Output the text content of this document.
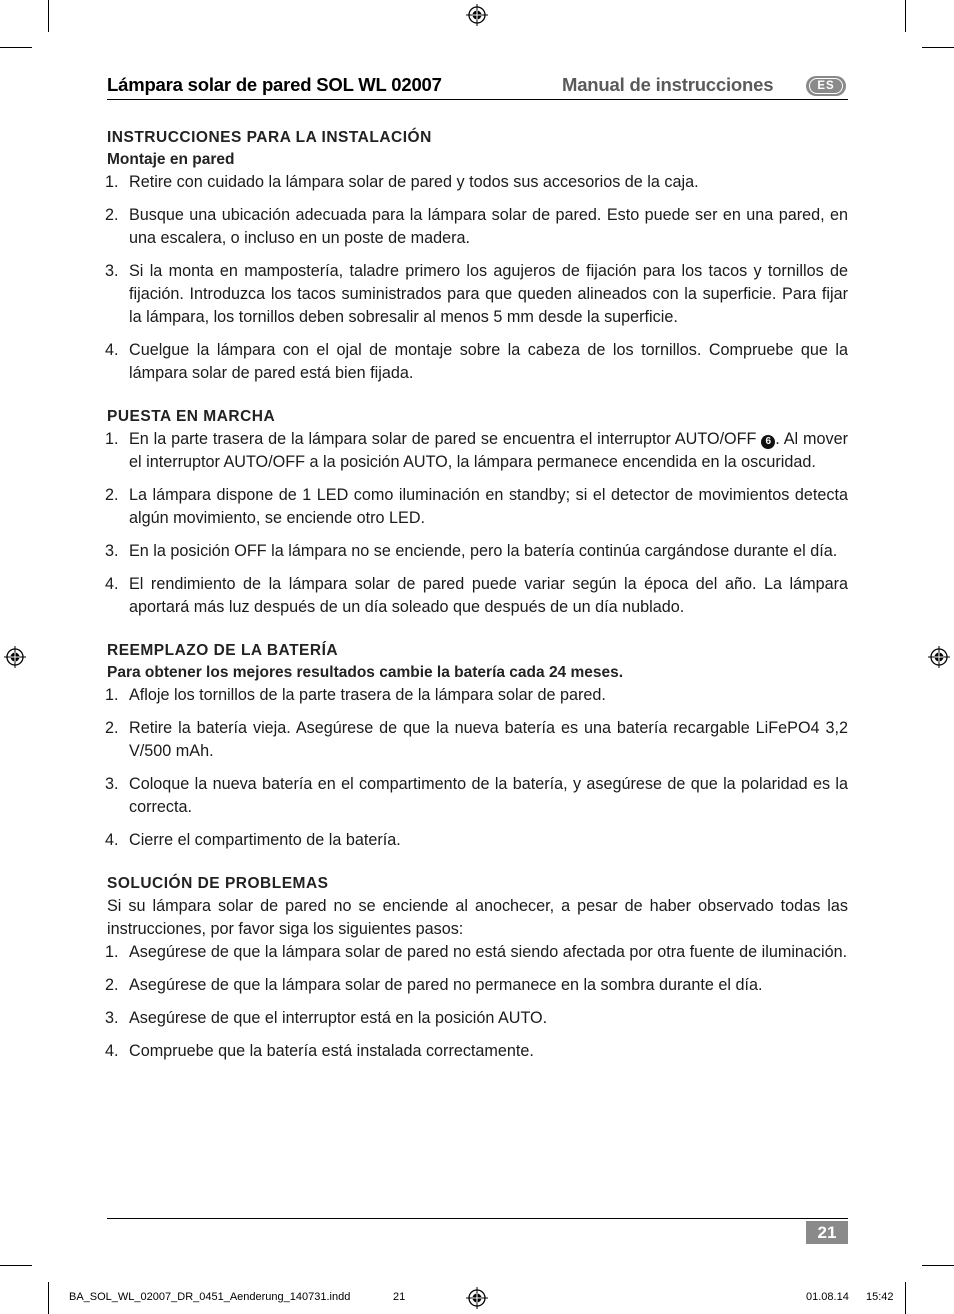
Lámpara solar de pared SOL WL 02007	Manual de instrucciones	ES

INSTRUCCIONES PARA LA INSTALACIÓN

Montaje en pared

1. Retire con cuidado la lámpara solar de pared y todos sus accesorios de la caja.
2. Busque una ubicación adecuada para la lámpara solar de pared. Esto puede ser en una pared, en una escalera, o incluso en un poste de madera.
3. Si la monta en mampostería, taladre primero los agujeros de fijación para los tacos y tornillos de fijación. Introduzca los tacos suministrados para que queden alineados con la superficie. Para fijar la lámpara, los tornillos deben sobresalir al menos 5 mm desde la superficie.
4. Cuelgue la lámpara con el ojal de montaje sobre la cabeza de los tornillos. Compruebe que la lámpara solar de pared está bien fijada.

PUESTA EN MARCHA

1. En la parte trasera de la lámpara solar de pared se encuentra el interruptor AUTO/OFF 6 . Al mover el interruptor AUTO/OFF a la posición AUTO, la lámpara permanece encendida en la oscuridad.
2. La lámpara dispone de 1 LED como iluminación en standby; si el detector de movimientos detecta algún movimiento, se enciende otro LED.
3. En la posición OFF la lámpara no se enciende, pero la batería continúa cargándose durante el día.
4. El rendimiento de la lámpara solar de pared puede variar según la época del año. La lámpara aportará más luz después de un día soleado que después de un día nublado.

REEMPLAZO DE LA BATERÍA

Para obtener los mejores resultados cambie la batería cada 24 meses.

1. Afloje los tornillos de la parte trasera de la lámpara solar de pared.
2. Retire la batería vieja. Asegúrese de que la nueva batería es una batería recargable LiFePO4 3,2 V/500 mAh.
3. Coloque la nueva batería en el compartimento de la batería, y asegúrese de que la polaridad es la correcta.
4. Cierre el compartimento de la batería.

SOLUCIÓN DE PROBLEMAS

Si su lámpara solar de pared no se enciende al anochecer, a pesar de haber observado todas las instrucciones, por favor siga los siguientes pasos:

1. Asegúrese de que la lámpara solar de pared no está siendo afectada por otra fuente de iluminación.
2. Asegúrese de que la lámpara solar de pared no permanece en la sombra durante el día.
3. Asegúrese de que el interruptor está en la posición AUTO.
4. Compruebe que la batería está instalada correctamente.
21
BA_SOL_WL_02007_DR_0451_Aenderung_140731.indd	21	01.08.14 15:42
